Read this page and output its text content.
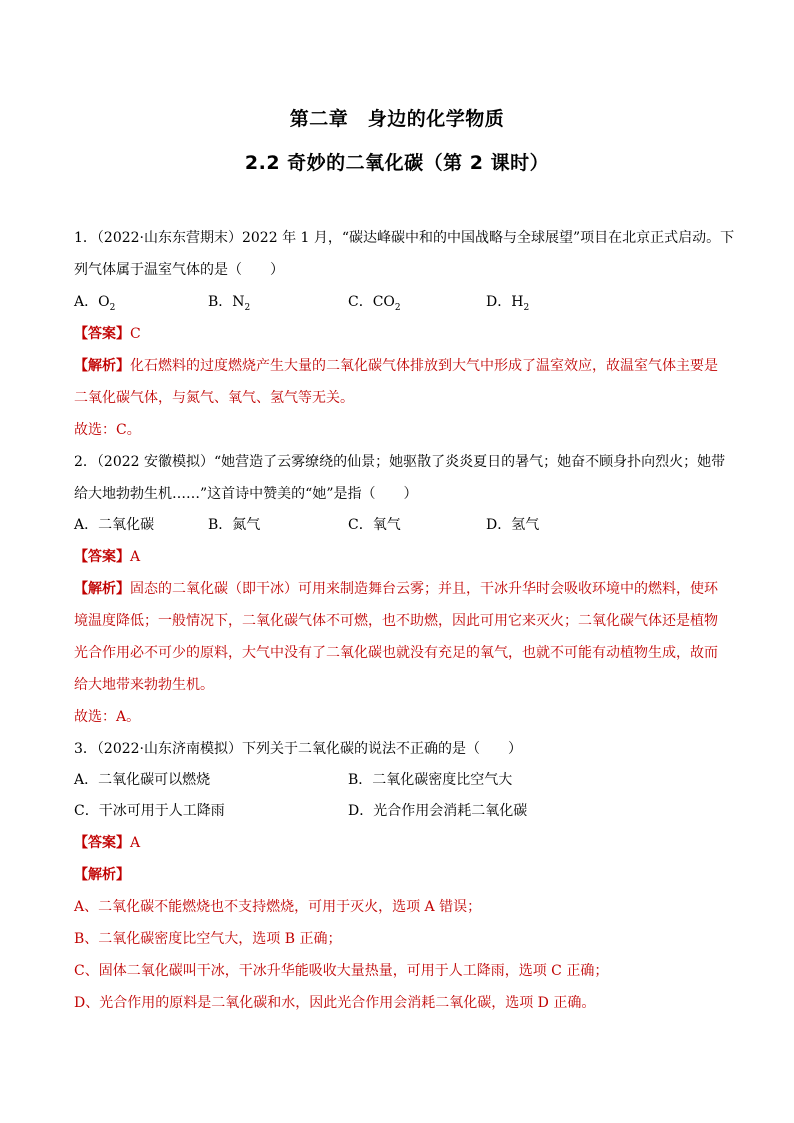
第二章　身边的化学物质
2.2 奇妙的二氧化碳（第 2 课时）
1．（2022·山东东营期末）2022 年 1 月，“碳达峰碳中和的中国战略与全球展望”项目在北京正式启动。下
列气体属于温室气体的是（　　）
A．$O_2$	B．$N_2$	C．$CO_2$	D．$H_2$
【答案】C
【解析】化石燃料的过度燃烧产生大量的二氧化碳气体排放到大气中形成了温室效应，故温室气体主要是
二氧化碳气体，与氮气、氧气、氢气等无关。
故选：C。
2．（2022 安徽模拟）“她营造了云雾缭绕的仙景；她驱散了炎炎夏日的暑气；她奋不顾身扑向烈火；她带
给大地勃勃生机……”这首诗中赞美的“她”是指（　　）
A．二氧化碳	B．氮气	C．氧气	D．氢气
【答案】A
【解析】固态的二氧化碳（即干冰）可用来制造舞台云雾；并且，干冰升华时会吸收环境中的燃料，使环
境温度降低；一般情况下，二氧化碳气体不可燃，也不助燃，因此可用它来灭火；二氧化碳气体还是植物
光合作用必不可少的原料，大气中没有了二氧化碳也就没有充足的氧气，也就不可能有动植物生成，故而
给大地带来勃勃生机。
故选：A。
3．（2022·山东济南模拟）下列关于二氧化碳的说法不正确的是（　　）
A．二氧化碳可以燃烧	B．二氧化碳密度比空气大
C．干冰可用于人工降雨	D．光合作用会消耗二氧化碳
【答案】A
【解析】
A、二氧化碳不能燃烧也不支持燃烧，可用于灭火，选项 A 错误；
B、二氧化碳密度比空气大，选项 B 正确；
C、固体二氧化碳叫干冰，干冰升华能吸收大量热量，可用于人工降雨，选项 C 正确；
D、光合作用的原料是二氧化碳和水，因此光合作用会消耗二氧化碳，选项 D 正确。
